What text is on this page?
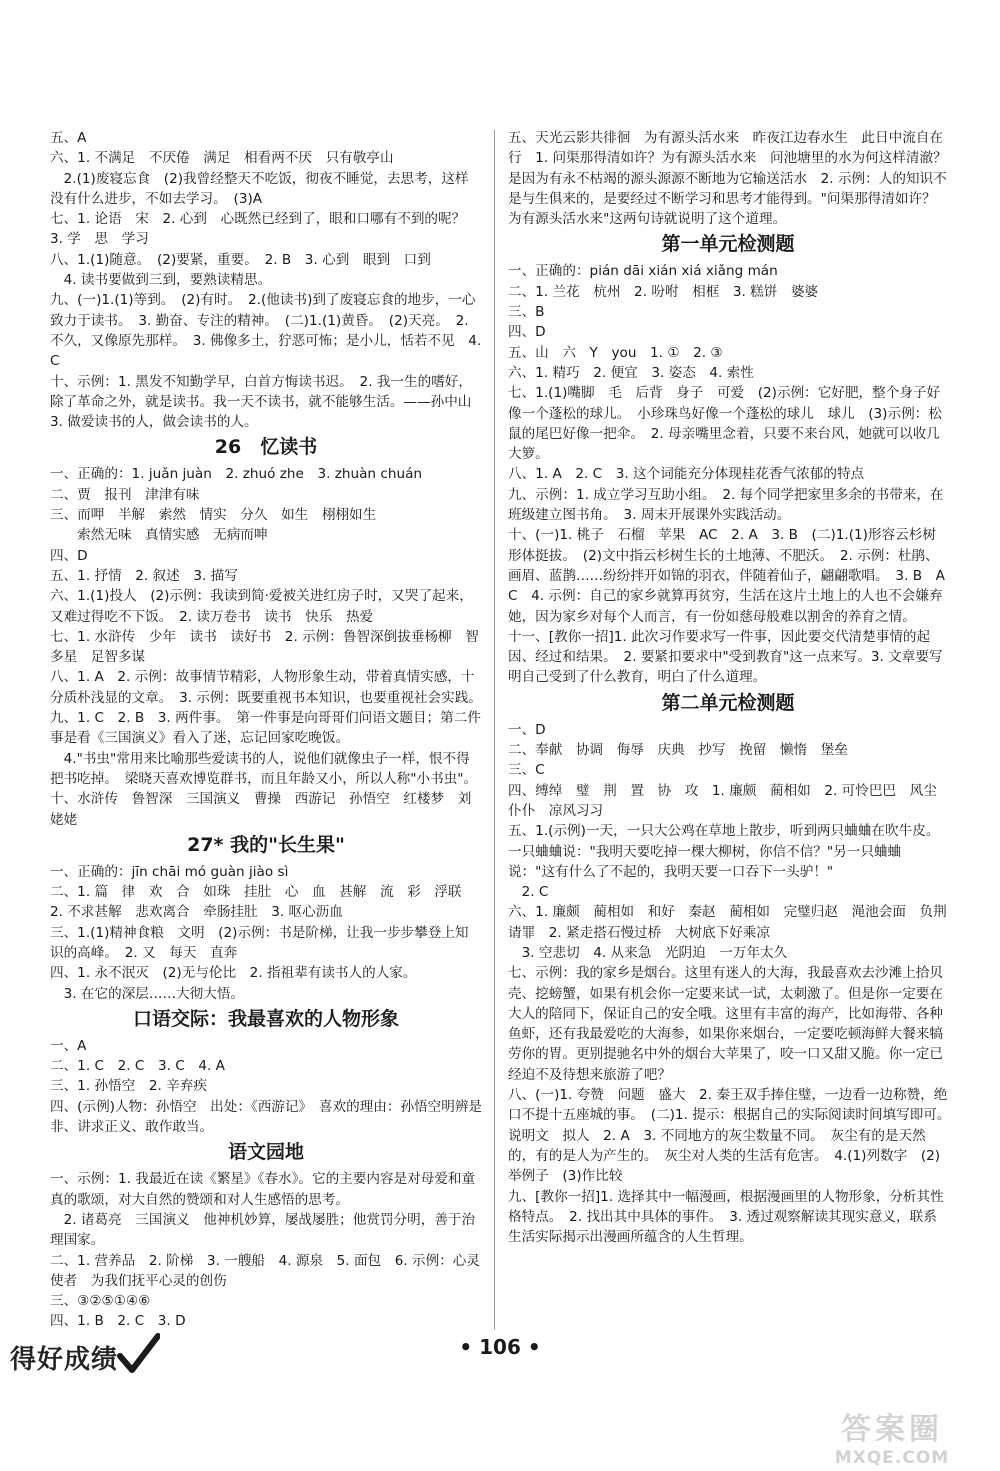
五、A

六、1. 不满足　不厌倦　满足　相看两不厌　只有敬亭山

　2.(1)废寝忘食　(2)我曾经整天不吃饭，彻夜不睡觉，去思考，这样没有什么进步，不如去学习。　(3)A

七、1. 论语　宋　2. 心到　心既然已经到了，眼和口哪有不到的呢？　3. 学　思　学习

八、1.(1)随意。　(2)要紧，重要。　2. B　3. 心到　眼到　口到

　4. 读书要做到三到，要熟读精思。

九、(一)1.(1)等到。　(2)有时。　2.(他读书)到了废寝忘食的地步，一心致力于读书。　3. 勤奋、专注的精神。　(二)1.(1)黄昏。　(2)天亮。　2. 不久，又像原先那样。　3. 佛像多土，狞恶可怖；是小儿，恬若不见　4. C

十、示例：1. 黑发不知勤学早，白首方悔读书迟。　2. 我一生的嗜好，除了革命之外，就是读书。我一天不读书，就不能够生活。——孙中山　3. 做爱读书的人，做会读书的人。

26　忆读书

一、正确的：1. juǎn juàn　2. zhuó zhe　3. zhuàn chuán

二、贾　报刊　津津有味

三、而呷　半解　索然　情实　分久　如生　栩栩如生

　　索然无味　真情实感　无病而呻

四、D

五、1. 抒情　2. 叙述　3. 描写

六、1.(1)投人　(2)示例：我读到简·爱被关进红房子时，又哭了起来，又难过得吃不下饭。　2. 读万卷书　读书　快乐　热爱

七、1. 水浒传　少年　读书　读好书　2. 示例：鲁智深倒拔垂杨柳　智多星　足智多谋

八、1. A　2. 示例：故事情节精彩，人物形象生动，带着真情实感，十分质朴浅显的文章。　3. 示例：既要重视书本知识，也要重视社会实践。

九、1. C　2. B　3. 两件事。　第一件事是向哥哥们问语文题目；第二件事是看《三国演义》看入了迷，忘记回家吃晚饭。

　4."书虫"常用来比喻那些爱读书的人，说他们就像虫子一样，恨不得把书吃掉。　梁晓天喜欢博览群书，而且年龄又小，所以人称"小书虫"。

十、水浒传　鲁智深　三国演义　曹操　西游记　孙悟空　红楼梦　刘姥姥

27* 我的"长生果"

一、正确的：jīn chāi mó guàn jiào sì

二、1. 篇　律　欢　合　如珠　挂肚　心　血　甚解　流　彩　浮联　2. 不求甚解　悲欢离合　牵肠挂肚　3. 呕心沥血

三、1.(1)精神食粮　文明　(2)示例：书是阶梯，让我一步步攀登上知识的高峰。　2. 又　每天　直奔

四、1. 永不泯灭　(2)无与伦比　2. 指祖辈有读书人的人家。

　3. 在它的深层……大彻大悟。

口语交际：我最喜欢的人物形象

一、A

二、1. C　2. C　3. C　4. A

三、1. 孙悟空　2. 辛弃疾

四、(示例)人物：孙悟空　出处：《西游记》　喜欢的理由：孙悟空明辨是非、讲求正义、敢作敢当。

语文园地

一、示例：1. 我最近在读《繁星》《春水》。它的主要内容是对母爱和童真的歌颂，对大自然的赞颂和对人生感悟的思考。

　2. 诸葛亮　三国演义　他神机妙算，屡战屡胜；他赏罚分明，善于治理国家。

二、1. 营养品　2. 阶梯　3. 一艘船　4. 源泉　5. 面包　6. 示例：心灵使者　为我们抚平心灵的创伤

三、③②⑤①④⑥

四、1. B　2. C　3. D

五、天光云影共徘徊　为有源头活水来　昨夜江边春水生　此日中流自在行　1. 问渠那得清如许？为有源头活水来　问池塘里的水为何这样清澈？是因为有永不枯竭的源头源源不断地为它输送活水　2. 示例：人的知识不是与生俱来的，是要经过不断学习和思考才能得到。"问渠那得清如许？为有源头活水来"这两句诗就说明了这个道理。

第一单元检测题

一、正确的：pián dāi xián xiá xiǎng mán

二、1. 兰花　杭州　2. 吩咐　相框　3. 糕饼　婆婆

三、B

四、D

五、山　六　Y　you　1. ①　2. ③

六、1. 精巧　2. 便宜　3. 姿态　4. 索性

七、1.(1)嘴脚　毛　后背　身子　可爱　(2)示例：它好肥，整个身子好像一个蓬松的球儿。　小珍珠鸟好像一个蓬松的球儿　球儿　(3)示例：松鼠的尾巴好像一把伞。　2. 母亲嘴里念着，只要不来台风，她就可以收几大箩。

八、1. A　2. C　3. 这个词能充分体现桂花香气浓郁的特点

九、示例：1. 成立学习互助小组。　2. 每个同学把家里多余的书带来，在班级建立图书角。　3. 周末开展课外实践活动。

十、(一)1. 桃子　石榴　苹果　AC　2. A　3. B　(二)1.(1)形容云杉树形体挺拔。　(2)文中指云杉树生长的土地薄、不肥沃。　2. 示例：杜鹃、画眉、蓝鹊……纷纷拌开如锦的羽衣，伴随着仙子，翩翩歌唱。　3. B　A　C　4. 示例：自己的家乡就算再贫穷，生活在这片土地上的人也不会嫌弃她，因为家乡对每个人而言，有一份如慈母般难以割舍的养育之情。

十一、[教你一招]1. 此次习作要求写一件事，因此要交代清楚事情的起因、经过和结果。　2. 要紧扣要求中"受到教育"这一点来写。3. 文章要写明自己受到了什么教育，明白了什么道理。

第二单元检测题

一、D

二、奉献　协调　侮辱　庆典　抄写　挽留　懒惰　堡垒

三、C

四、缚绰　璧　荆　置　协　攻　1. 廉颇　蔺相如　2. 可怜巴巴　风尘仆仆　凉风习习

五、1.(示例)一天，一只大公鸡在草地上散步，听到两只蛐蛐在吹牛皮。一只蛐蛐说："我明天要吃掉一棵大柳树，你信不信？"另一只蛐蛐说："这有什么了不起的，我明天要一口吞下一头驴！"

　2. C

六、1. 廉颇　蔺相如　和好　秦赵　蔺相如　完璧归赵　渑池会面　负荆请罪　2. 紧走搭石慢过桥　大树底下好乘凉

　3. 空悲切　4. 从来急　光阴迫　一万年太久

七、示例：我的家乡是烟台。这里有迷人的大海，我最喜欢去沙滩上拾贝壳、挖螃蟹，如果有机会你一定要来试一试，太刺激了。但是你一定要在大人的陪同下，保证自己的安全哦。这里有丰富的海产，比如海带、各种鱼虾，还有我最爱吃的大海参，如果你来烟台，一定要吃顿海鲜大餐来犒劳你的胃。更别提驰名中外的烟台大苹果了，咬一口又甜又脆。你一定已经迫不及待想来旅游了吧？

八、(一)1. 夸赞　问题　盛大　2. 秦王双手捧住璧，一边看一边称赞，绝口不提十五座城的事。　(二)1. 提示：根据自己的实际阅读时间填写即可。　说明文　拟人　2. A　3. 不同地方的灰尘数量不同。　灰尘有的是天然的，有的是人为产生的。　灰尘对人类的生活有危害。　4.(1)列数字　(2)举例子　(3)作比较

九、[教你一招]1. 选择其中一幅漫画，根据漫画里的人物形象，分析其性格特点。　2. 找出其中具体的事件。　3. 透过观察解读其现实意义，联系生活实际揭示出漫画所蕴含的人生哲理。

得好成绩	• 106 •
答案圈
MXQE.COM
